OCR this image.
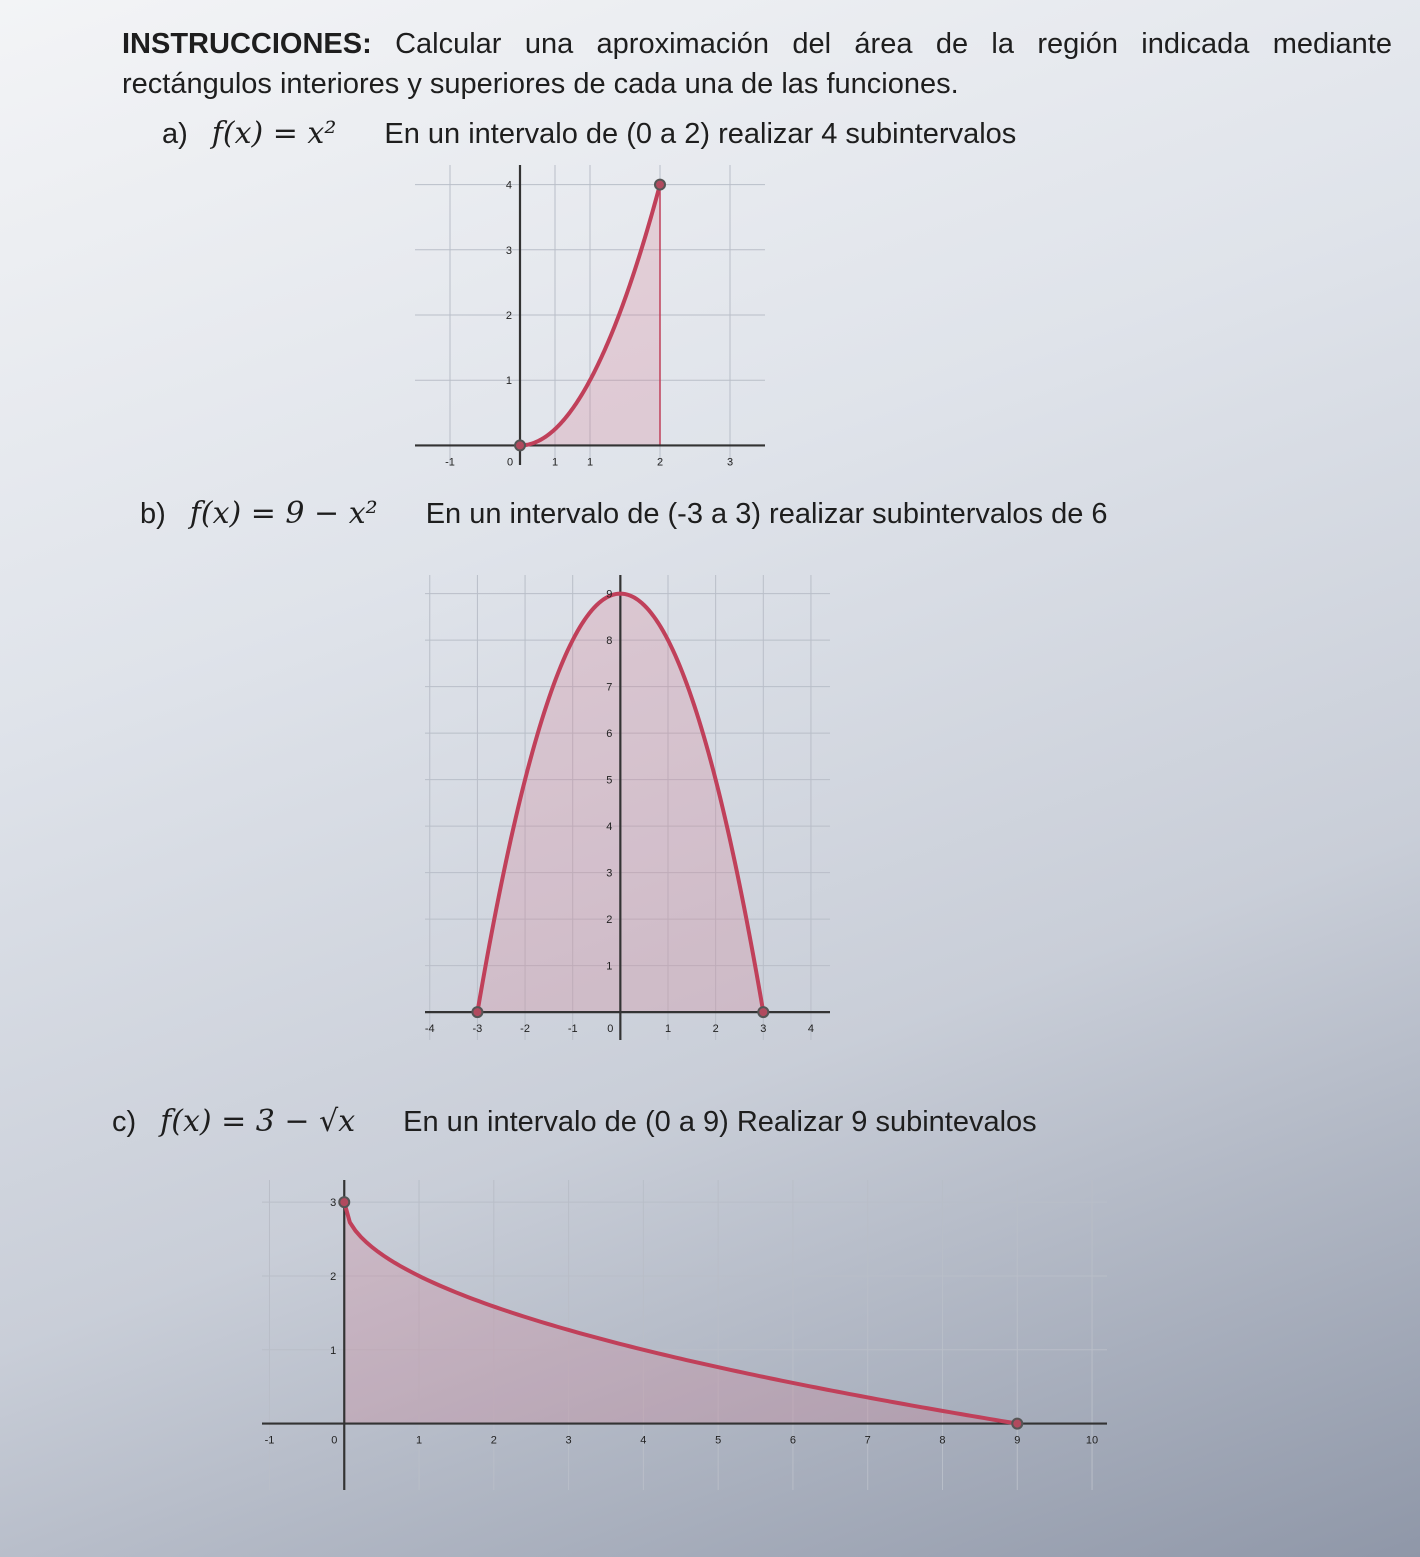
INSTRUCCIONES: Calcular una aproximación del área de la región indicada mediante rectángulos interiores y superiores de cada una de las funciones.
a) f(x) = x² En un intervalo de (0 a 2) realizar 4 subintervalos
-1	0	1	1	2	3
1
2
3
4
b) f(x) = 9 − x² En un intervalo de (-3 a 3) realizar subintervalos de 6
-4	-3	-2	-1	0	1	2	3	4
1
2
3
4
5
6
7
8
9
c) f(x) = 3 − √x En un intervalo de (0 a 9) Realizar 9 subintevalos
-1	0	1	2	3	4	5	6	7	8	9	10
1
2
3
